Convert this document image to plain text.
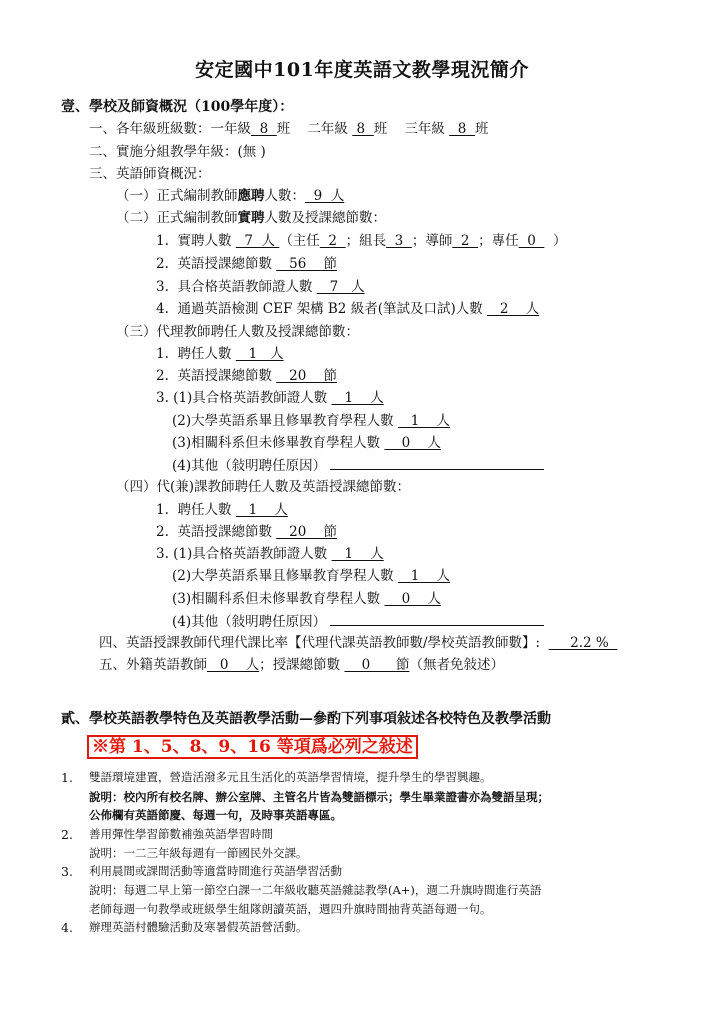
安定國中101年度英語文教學現況簡介
壹、學校及師資概況（100學年度）：
一、各年級班級數：一年級  8  班    二年級  8  班    三年級   8  班
二、實施分組教學年級：(無 )
三、英語師資概況：
（一）正式編制教師應聘人數：  9  人
（二）正式編制教師實聘人數及授課總節數：
1.  實聘人數   7  人 （主任  2  ；組長  3  ；導師  2  ；專任  0    ）
2.  英語授課總節數    56    節
3.  具合格英語教師證人數    7   人
4.  通過英語檢測 CEF 架構 B2 級者(筆試及口試)人數    2    人
（三）代理教師聘任人數及授課總節數：
1.  聘任人數    1   人
2.  英語授課總節數    20    節
3. (1)具合格英語教師證人數    1    人
(2)大學英語系畢且修畢教育學程人數    1    人
(3)相關科系但未修畢教育學程人數     0    人
(4)其他（敍明聘任原因）
（四）代(兼)課教師聘任人數及英語授課總節數：
1.  聘任人數    1    人
2.  英語授課總節數    20    節
3. (1)具合格英語教師證人數    1    人
(2)大學英語系畢且修畢教育學程人數    1    人
(3)相關科系但未修畢教育學程人數     0    人
(4)其他（敍明聘任原因）
四、英語授課教師代理代課比率【代理代課英語教師數/學校英語教師數】:       2.2 %
五、外籍英語教師   0    人；授課總節數     0      節（無者免敍述）
貳、學校英語教學特色及英語教學活動—參酌下列事項敍述各校特色及教學活動
※第 1、5、8、9、16 等項爲必列之敍述
1. 雙語環境建置，營造活潑多元且生活化的英語學習情境，提升學生的學習興趣。
說明：校內所有校名牌、辦公室牌、主管名片皆為雙語標示；學生畢業證書亦為雙語呈現；
公佈欄有英語節慶、每週一句，及時事英語專區。
2. 善用彈性學習節數補強英語學習時間
說明：一二三年級每週有一節國民外交課。
3. 利用晨間或課間活動等適當時間進行英語學習活動
說明：每週二早上第一節空白課一二年級收聽英語雜誌教學(A+)，週二升旗時間進行英語
老師每週一句教學或班級學生組隊朗讀英語，週四升旗時間抽背英語每週一句。
4. 辦理英語村體驗活動及寒暑假英語營活動。
